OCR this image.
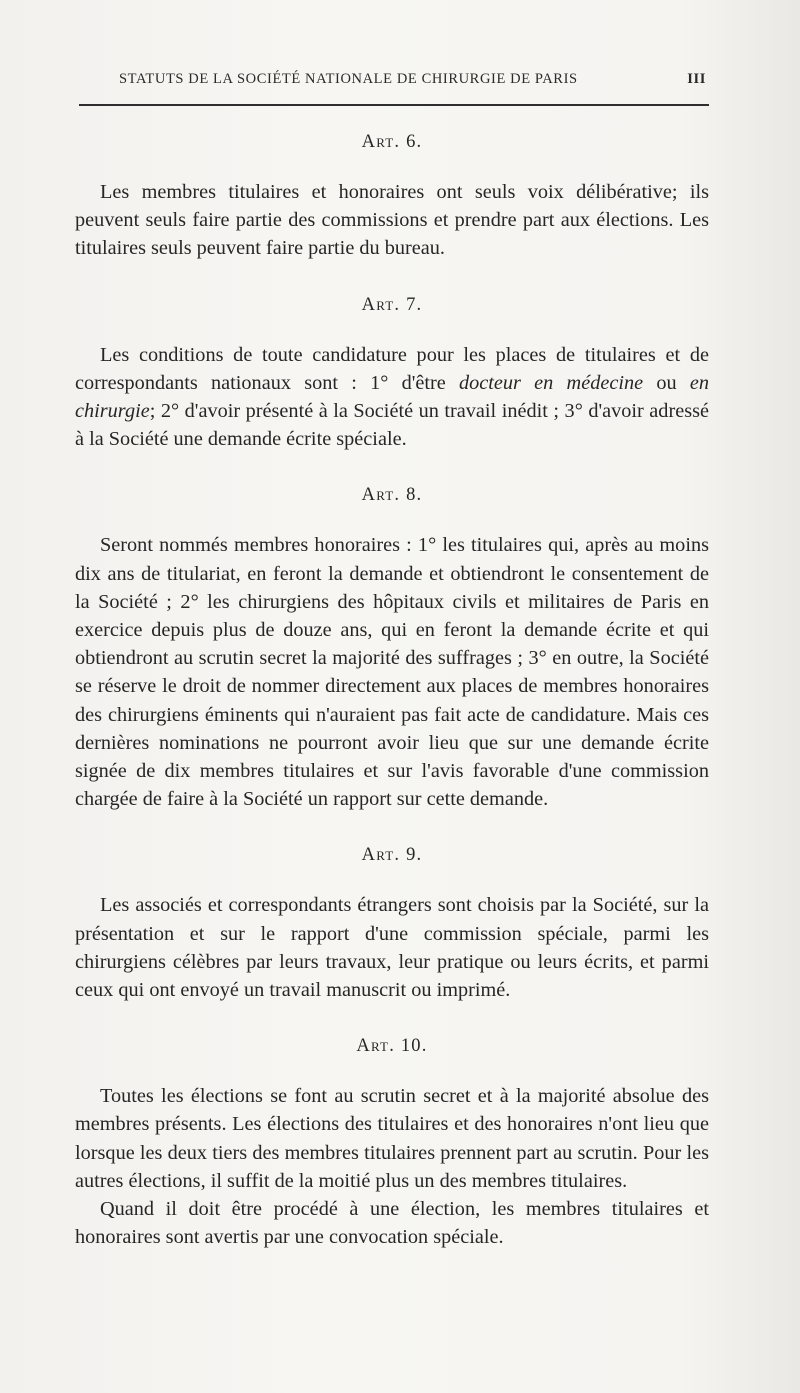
STATUTS DE LA SOCIÉTÉ NATIONALE DE CHIRURGIE DE PARIS	III
Art. 6.

Les membres titulaires et honoraires ont seuls voix délibérative; ils peuvent seuls faire partie des commissions et prendre part aux élections. Les titulaires seuls peuvent faire partie du bureau.

Art. 7.

Les conditions de toute candidature pour les places de titulaires et de correspondants nationaux sont : 1° d'être docteur en médecine ou en chirurgie; 2° d'avoir présenté à la Société un travail inédit ; 3° d'avoir adressé à la Société une demande écrite spéciale.

Art. 8.

Seront nommés membres honoraires : 1° les titulaires qui, après au moins dix ans de titulariat, en feront la demande et obtiendront le consentement de la Société ; 2° les chirurgiens des hôpitaux civils et militaires de Paris en exercice depuis plus de douze ans, qui en feront la demande écrite et qui obtiendront au scrutin secret la majorité des suffrages ; 3° en outre, la Société se réserve le droit de nommer directement aux places de membres honoraires des chirurgiens éminents qui n'auraient pas fait acte de candidature. Mais ces dernières nominations ne pourront avoir lieu que sur une demande écrite signée de dix membres titulaires et sur l'avis favorable d'une commission chargée de faire à la Société un rapport sur cette demande.

Art. 9.

Les associés et correspondants étrangers sont choisis par la Société, sur la présentation et sur le rapport d'une commission spéciale, parmi les chirurgiens célèbres par leurs travaux, leur pratique ou leurs écrits, et parmi ceux qui ont envoyé un travail manuscrit ou imprimé.

Art. 10.

Toutes les élections se font au scrutin secret et à la majorité absolue des membres présents. Les élections des titulaires et des honoraires n'ont lieu que lorsque les deux tiers des membres titulaires prennent part au scrutin. Pour les autres élections, il suffit de la moitié plus un des membres titulaires.

Quand il doit être procédé à une élection, les membres titulaires et honoraires sont avertis par une convocation spéciale.
